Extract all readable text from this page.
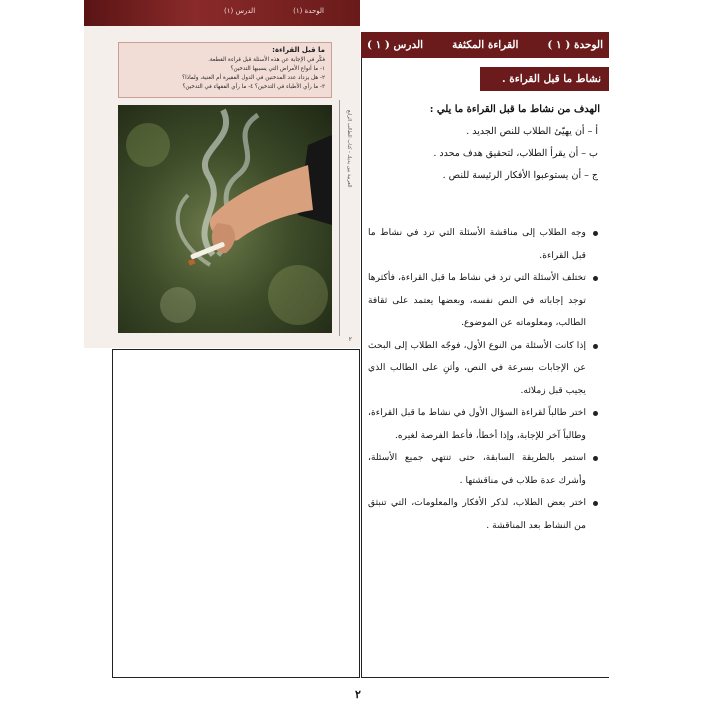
الوحدة (١)
الدرس (١)
ما قبل القراءة:
فكّر في الإجابة عن هذه الأسئلة قبل قراءة القطعة.
١- ما أنواع الأمراض التي يسببها التدخين؟
٢- هل يزداد عدد المدخنين في الدول الفقيرة أم الغنية، ولماذا؟
٣- ما رأي الأطباء في التدخين؟ ٤- ما رأي الفقهاء في التدخين؟
العربية بين يديك - كتاب الطالب الرابع
٢
الوحدة ( ١ )
القراءة المكثفة
الدرس ( ١ )
نشاط ما قبل القراءة .

الهدف من نشاط ما قبل القراءة ما يلي :

أ – أن يهيّئ الطلاب للنص الجديد .

ب – أن يقرأ الطلاب، لتحقيق هدف محدد .

ج – أن يستوعبوا الأفكار الرئيسة للنص .

وجه الطلاب إلى مناقشة الأسئلة التي ترد في نشاط ما قبل القراءة.
تختلف الأسئلة التي ترد في نشاط ما قبل القراءة، فأكثرها توجد إجاباته في النص نفسه، وبعضها يعتمد على ثقافة الطالب، ومعلوماته عن الموضوع.
إذا كانت الأسئلة من النوع الأول، فوجّه الطلاب إلى البحث عن الإجابات بسرعة في النص، وأثنِ على الطالب الذي يجيب قبل زملائه.
اختر طالباً لقراءة السؤال الأول في نشاط ما قبل القراءة، وطالباً آخر للإجابة، وإذا أخطأ، فأعط الفرصة لغيره.
استمر بالطريقة السابقة، حتى تنتهي جميع الأسئلة، وأشرك عدة طلاب في مناقشتها .
اختر بعض الطلاب، لذكر الأفكار والمعلومات، التي تنبثق من النشاط بعد المناقشة .
٢
